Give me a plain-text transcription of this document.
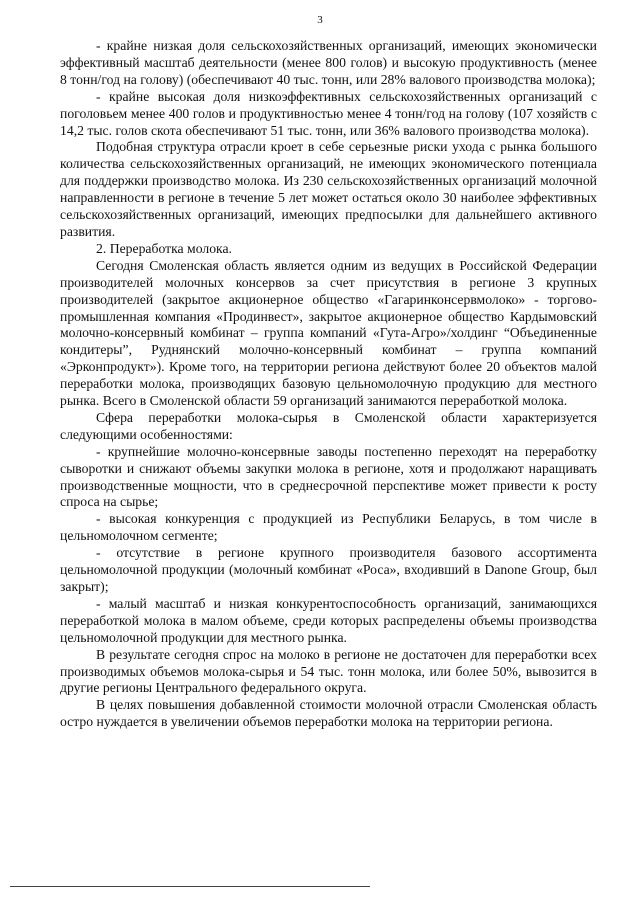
3

- крайне низкая доля сельскохозяйственных организаций, имеющих экономически эффективный масштаб деятельности (менее 800 голов) и высокую продуктивность (менее 8 тонн/год на голову) (обеспечивают 40 тыс. тонн, или 28% валового производства молока);

- крайне высокая доля низкоэффективных сельскохозяйственных организаций с поголовьем менее 400 голов и продуктивностью менее 4 тонн/год на голову (107 хозяйств с 14,2 тыс. голов скота обеспечивают 51 тыс. тонн, или 36% валового производства молока).

Подобная структура отрасли кроет в себе серьезные риски ухода с рынка большого количества сельскохозяйственных организаций, не имеющих экономического потенциала для поддержки производство молока. Из 230 сельскохозяйственных организаций молочной направленности в регионе в течение 5 лет может остаться около 30 наиболее эффективных сельскохозяйственных организаций, имеющих предпосылки для дальнейшего активного развития.

2. Переработка молока.

Сегодня Смоленская область является одним из ведущих в Российской Федерации производителей молочных консервов за счет присутствия в регионе 3 крупных производителей (закрытое акционерное общество «Гагаринконсервмолоко» - торгово-промышленная компания «Продинвест», закрытое акционерное общество Кардымовский молочно-консервный комбинат – группа компаний «Гута-Агро»/холдинг “Объединенные кондитеры”, Руднянский молочно-консервный комбинат – группа компаний «Эрконпродукт»). Кроме того, на территории региона действуют более 20 объектов малой переработки молока, производящих базовую цельномолочную продукцию для местного рынка. Всего в Смоленской области 59 организаций занимаются переработкой молока.

Сфера переработки молока-сырья в Смоленской области характеризуется следующими особенностями:

- крупнейшие молочно-консервные заводы постепенно переходят на переработку сыворотки и снижают объемы закупки молока в регионе, хотя и продолжают наращивать производственные мощности, что в среднесрочной перспективе может привести к росту спроса на сырье;

- высокая конкуренция с продукцией из Республики Беларусь, в том числе в цельномолочном сегменте;

- отсутствие в регионе крупного производителя базового ассортимента цельномолочной продукции (молочный комбинат «Роса», входивший в Danone Group, был закрыт);

- малый масштаб и низкая конкурентоспособность организаций, занимающихся переработкой молока в малом объеме, среди которых распределены объемы производства цельномолочной продукции для местного рынка.

В результате сегодня спрос на молоко в регионе не достаточен для переработки всех производимых объемов молока-сырья и 54 тыс. тонн молока, или более 50%, вывозится в другие регионы Центрального федерального округа.

В целях повышения добавленной стоимости молочной отрасли Смоленская область остро нуждается в увеличении объемов переработки молока на территории региона.
